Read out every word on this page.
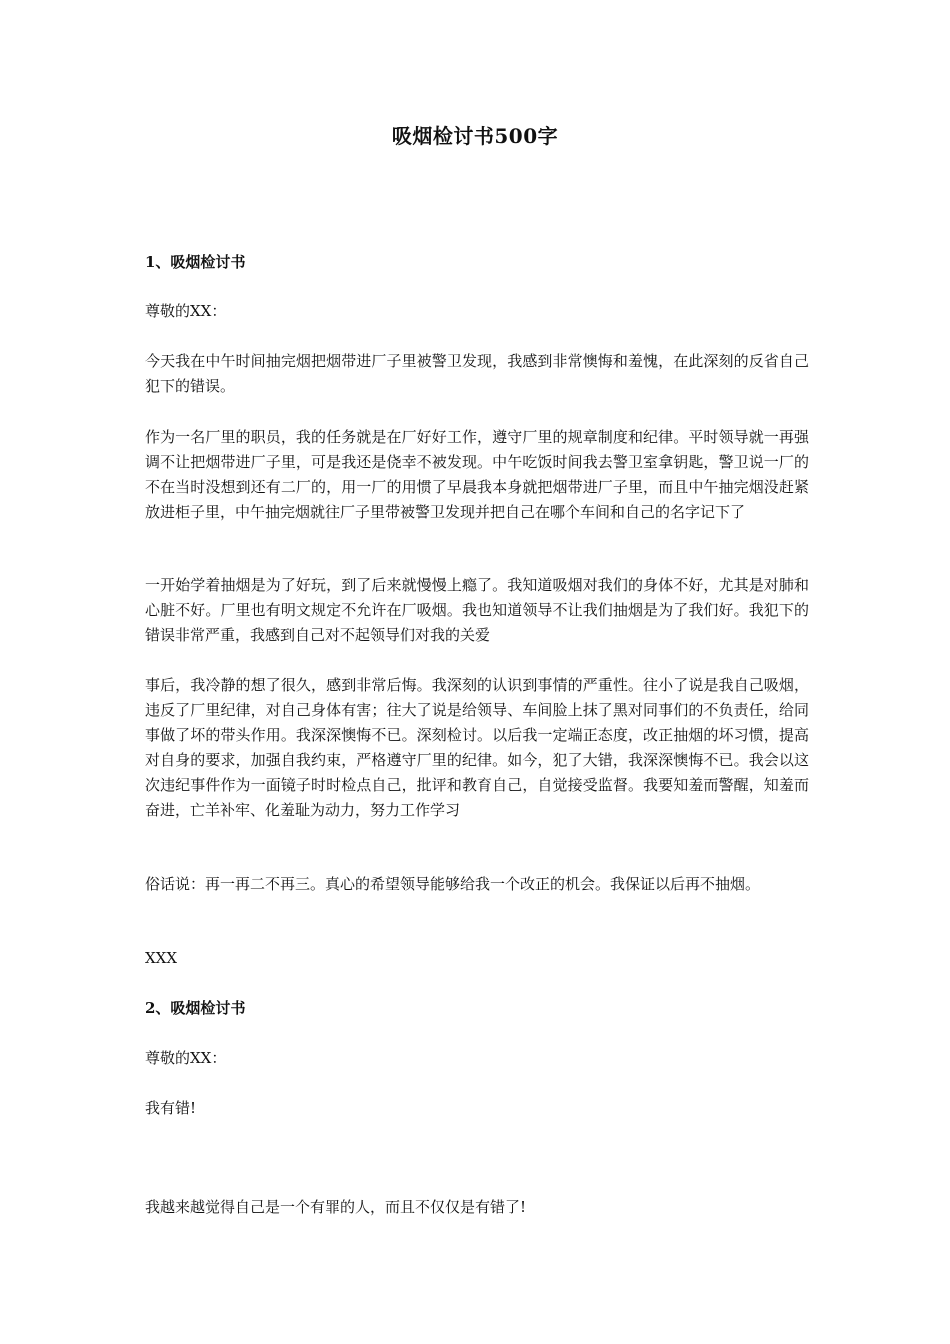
吸烟检讨书500字

1、吸烟检讨书

尊敬的XX：

今天我在中午时间抽完烟把烟带进厂子里被警卫发现，我感到非常懊悔和羞愧，在此深刻的反省自己犯下的错误。

作为一名厂里的职员，我的任务就是在厂好好工作，遵守厂里的规章制度和纪律。平时领导就一再强调不让把烟带进厂子里，可是我还是侥幸不被发现。中午吃饭时间我去警卫室拿钥匙，警卫说一厂的不在当时没想到还有二厂的，用一厂的用惯了早晨我本身就把烟带进厂子里，而且中午抽完烟没赶紧放进柜子里，中午抽完烟就往厂子里带被警卫发现并把自己在哪个车间和自己的名字记下了

一开始学着抽烟是为了好玩，到了后来就慢慢上瘾了。我知道吸烟对我们的身体不好，尤其是对肺和心脏不好。厂里也有明文规定不允许在厂吸烟。我也知道领导不让我们抽烟是为了我们好。我犯下的错误非常严重，我感到自己对不起领导们对我的关爱

事后，我冷静的想了很久，感到非常后悔。我深刻的认识到事情的严重性。往小了说是我自己吸烟，违反了厂里纪律，对自己身体有害；往大了说是给领导、车间脸上抹了黑对同事们的不负责任，给同事做了坏的带头作用。我深深懊悔不已。深刻检讨。以后我一定端正态度，改正抽烟的坏习惯，提高对自身的要求，加强自我约束，严格遵守厂里的纪律。如今，犯了大错，我深深懊悔不已。我会以这次违纪事件作为一面镜子时时检点自己，批评和教育自己，自觉接受监督。我要知羞而警醒，知羞而奋进，亡羊补牢、化羞耻为动力，努力工作学习

俗话说：再一再二不再三。真心的希望领导能够给我一个改正的机会。我保证以后再不抽烟。

XXX

2、吸烟检讨书

尊敬的XX：

我有错!

我越来越觉得自己是一个有罪的人，而且不仅仅是有错了!
